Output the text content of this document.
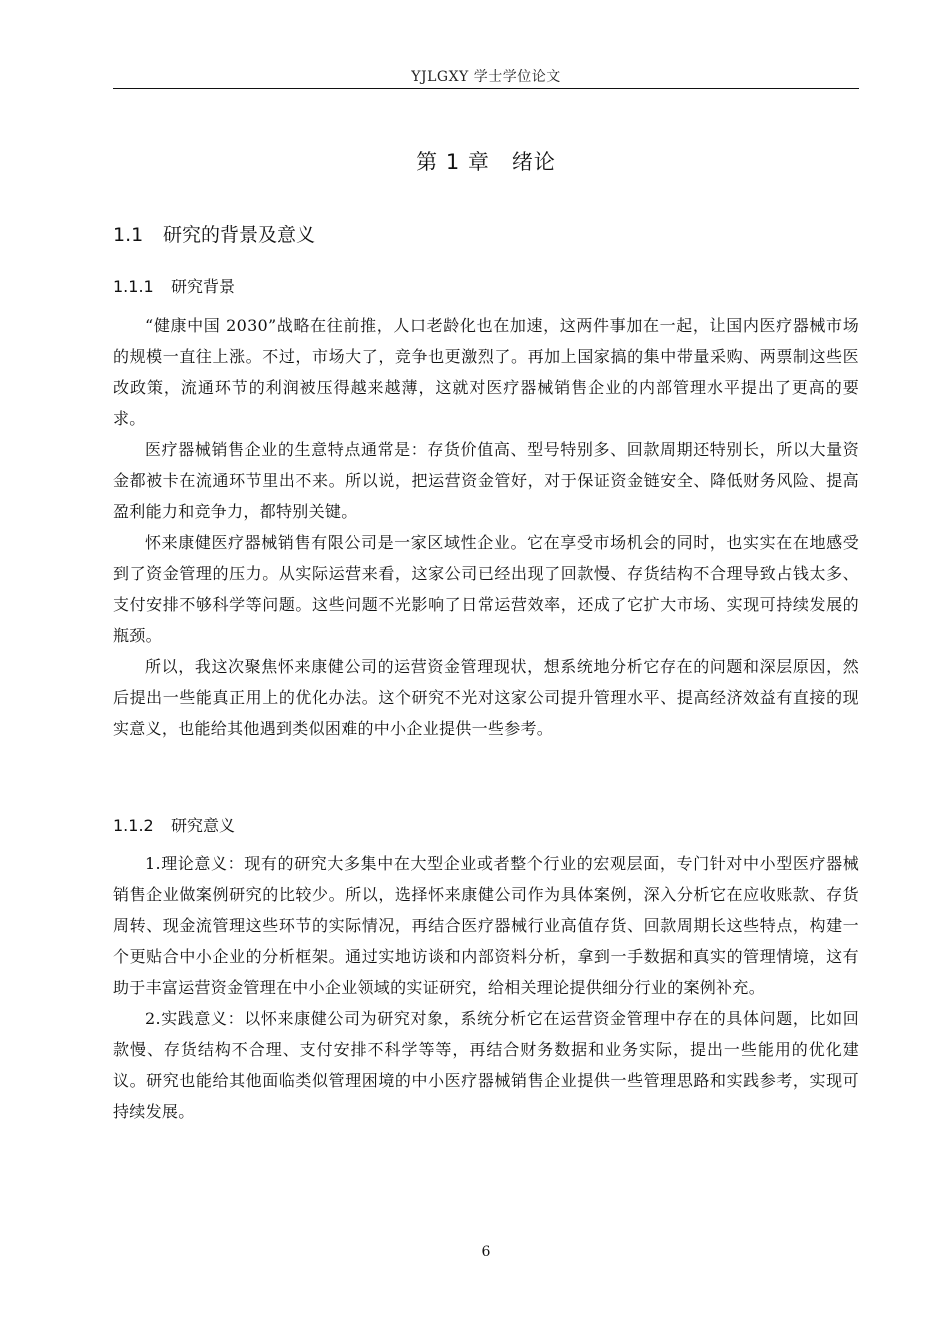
YJLGXY 学士学位论文
第 1 章 绪论
1.1 研究的背景及意义
1.1.1 研究背景

“健康中国 2030”战略在往前推，人口老龄化也在加速，这两件事加在一起，让国内医疗器械市场的规模一直往上涨。不过，市场大了，竞争也更激烈了。再加上国家搞的集中带量采购、两票制这些医改政策，流通环节的利润被压得越来越薄，这就对医疗器械销售企业的内部管理水平提出了更高的要求。

医疗器械销售企业的生意特点通常是：存货价值高、型号特别多、回款周期还特别长，所以大量资金都被卡在流通环节里出不来。所以说，把运营资金管好，对于保证资金链安全、降低财务风险、提高盈利能力和竞争力，都特别关键。

怀来康健医疗器械销售有限公司是一家区域性企业。它在享受市场机会的同时，也实实在在地感受到了资金管理的压力。从实际运营来看，这家公司已经出现了回款慢、存货结构不合理导致占钱太多、支付安排不够科学等问题。这些问题不光影响了日常运营效率，还成了它扩大市场、实现可持续发展的瓶颈。

所以，我这次聚焦怀来康健公司的运营资金管理现状，想系统地分析它存在的问题和深层原因，然后提出一些能真正用上的优化办法。这个研究不光对这家公司提升管理水平、提高经济效益有直接的现实意义，也能给其他遇到类似困难的中小企业提供一些参考。

1.1.2 研究意义

1.理论意义：现有的研究大多集中在大型企业或者整个行业的宏观层面，专门针对中小型医疗器械销售企业做案例研究的比较少。所以，选择怀来康健公司作为具体案例，深入分析它在应收账款、存货周转、现金流管理这些环节的实际情况，再结合医疗器械行业高值存货、回款周期长这些特点，构建一个更贴合中小企业的分析框架。通过实地访谈和内部资料分析，拿到一手数据和真实的管理情境，这有助于丰富运营资金管理在中小企业领域的实证研究，给相关理论提供细分行业的案例补充。

2.实践意义：以怀来康健公司为研究对象，系统分析它在运营资金管理中存在的具体问题，比如回款慢、存货结构不合理、支付安排不科学等等，再结合财务数据和业务实际，提出一些能用的优化建议。研究也能给其他面临类似管理困境的中小医疗器械销售企业提供一些管理思路和实践参考，实现可持续发展。

6
